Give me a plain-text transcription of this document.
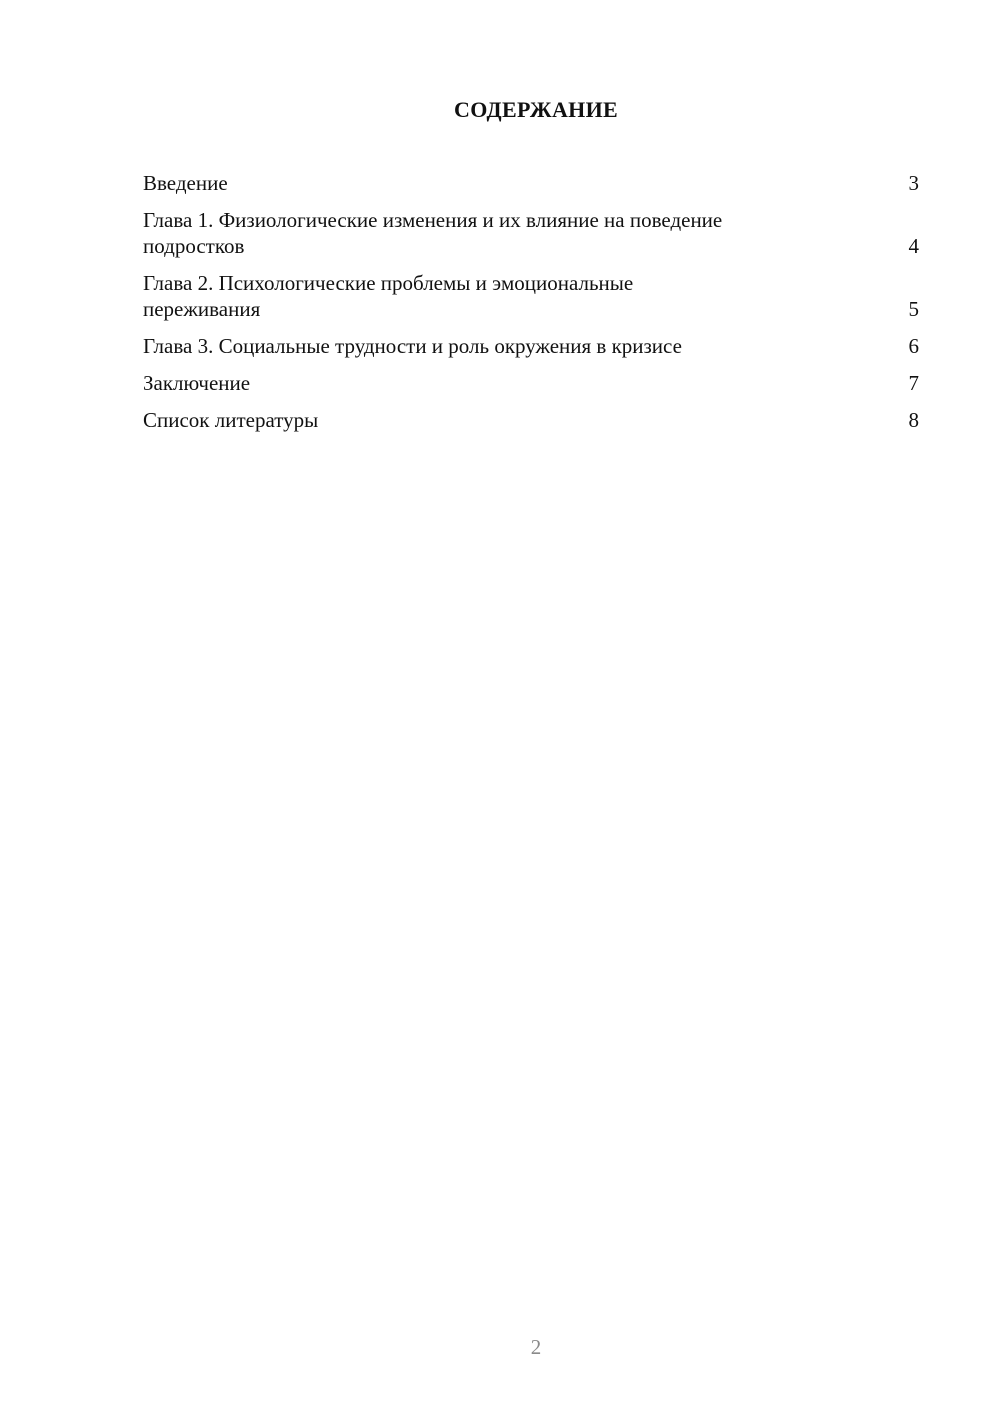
СОДЕРЖАНИЕ
Введение	3
Глава 1. Физиологические изменения и их влияние на поведение подростков	4
Глава 2. Психологические проблемы и эмоциональные переживания	5
Глава 3. Социальные трудности и роль окружения в кризисе	6
Заключение	7
Список литературы	8
2
